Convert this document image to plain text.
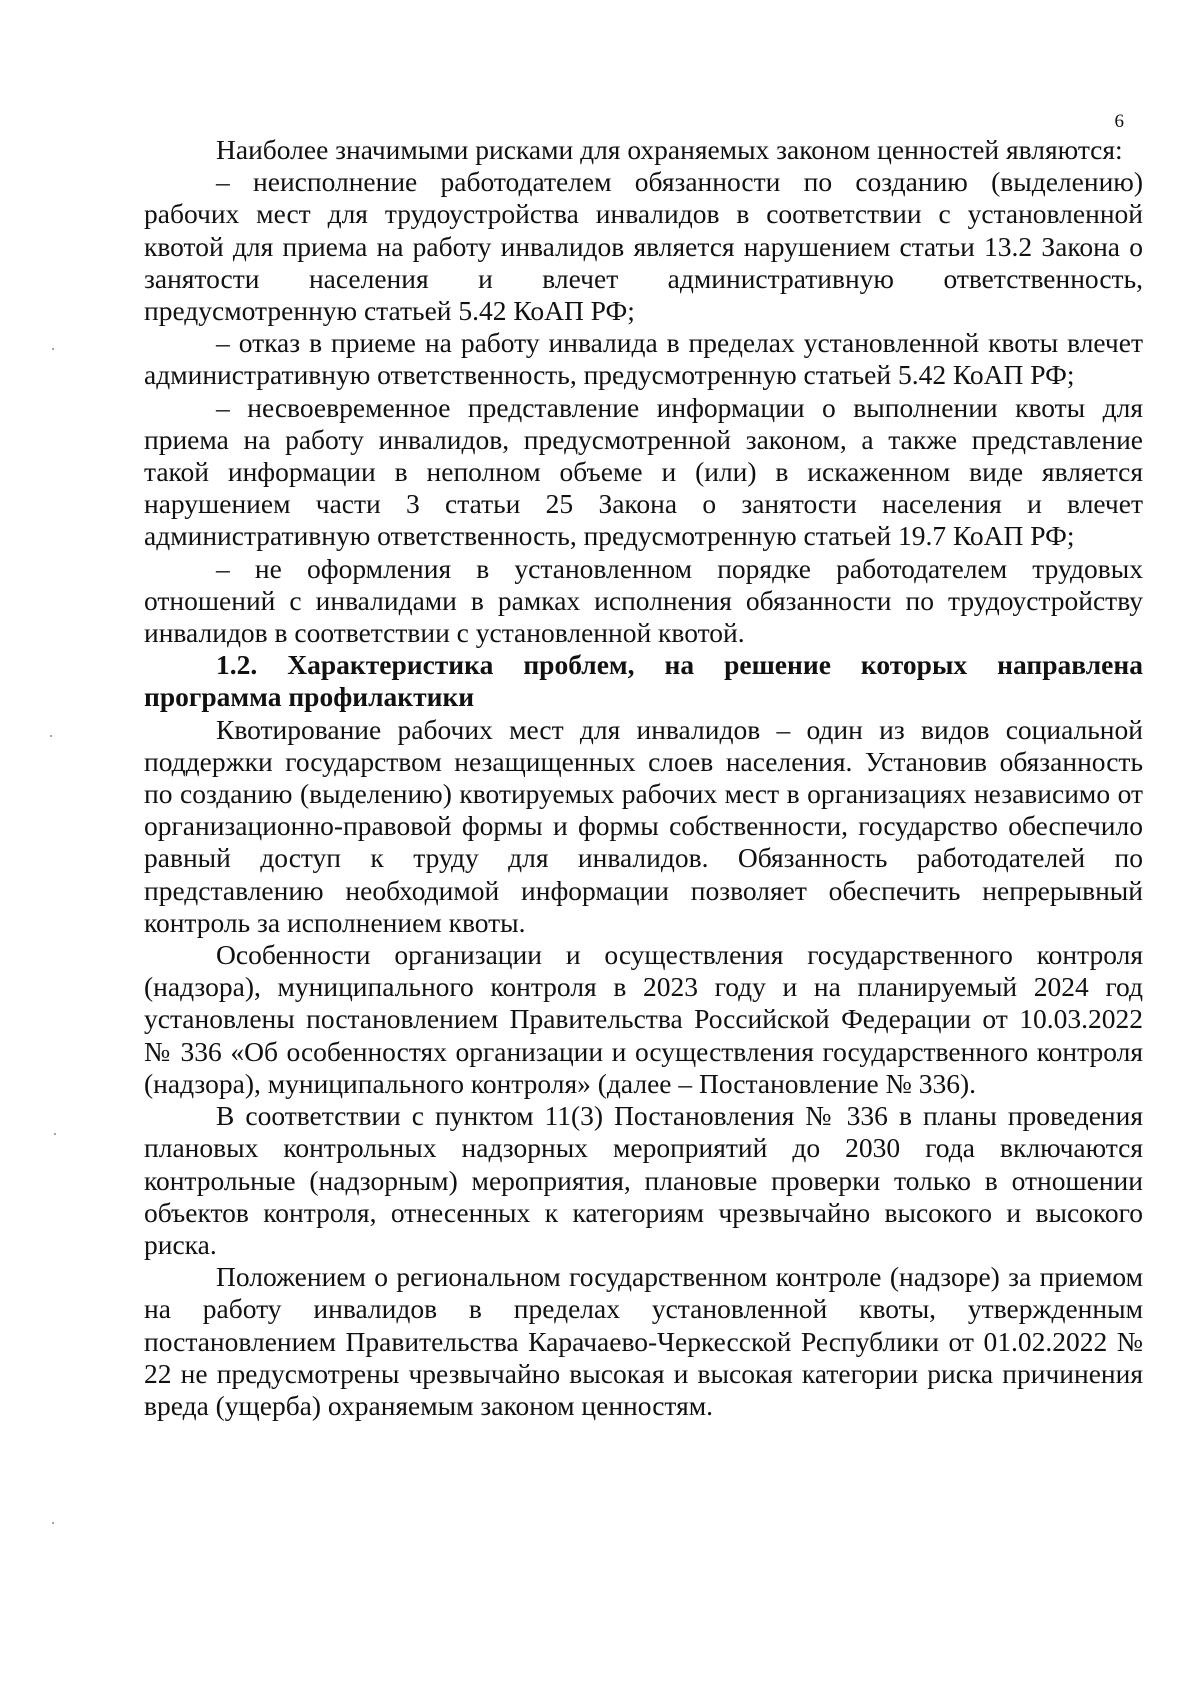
6

Наиболее значимыми рисками для охраняемых законом ценностей являются:

– неисполнение работодателем обязанности по созданию (выделению) рабочих мест для трудоустройства инвалидов в соответствии с установленной квотой для приема на работу инвалидов является нарушением статьи 13.2 Закона о занятости населения и влечет административную ответственность, предусмотренную статьей 5.42 КоАП РФ;

– отказ в приеме на работу инвалида в пределах установленной квоты влечет административную ответственность, предусмотренную статьей 5.42 КоАП РФ;

– несвоевременное представление информации о выполнении квоты для приема на работу инвалидов, предусмотренной законом, а также представление такой информации в неполном объеме и (или) в искаженном виде является нарушением части 3 статьи 25 Закона о занятости населения и влечет административную ответственность, предусмотренную статьей 19.7 КоАП РФ;

– не оформления в установленном порядке работодателем трудовых отношений с инвалидами в рамках исполнения обязанности по трудоустройству инвалидов в соответствии с установленной квотой.

1.2. Характеристика проблем, на решение которых направлена программа профилактики

Квотирование рабочих мест для инвалидов – один из видов социальной поддержки государством незащищенных слоев населения. Установив обязанность по созданию (выделению) квотируемых рабочих мест в организациях независимо от организационно-правовой формы и формы собственности, государство обеспечило равный доступ к труду для инвалидов. Обязанность работодателей по представлению необходимой информации позволяет обеспечить непрерывный контроль за исполнением квоты.

Особенности организации и осуществления государственного контроля (надзора), муниципального контроля в 2023 году и на планируемый 2024 год установлены постановлением Правительства Российской Федерации от 10.03.2022 № 336 «Об особенностях организации и осуществления государственного контроля (надзора), муниципального контроля» (далее – Постановление № 336).

В соответствии с пунктом 11(3) Постановления № 336 в планы проведения плановых контрольных надзорных мероприятий до 2030 года включаются контрольные (надзорным) мероприятия, плановые проверки только в отношении объектов контроля, отнесенных к категориям чрезвычайно высокого и высокого риска.

Положением о региональном государственном контроле (надзоре) за приемом на работу инвалидов в пределах установленной квоты, утвержденным постановлением Правительства Карачаево-Черкесской Республики от 01.02.2022 № 22 не предусмотрены чрезвычайно высокая и высокая категории риска причинения вреда (ущерба) охраняемым законом ценностям.
